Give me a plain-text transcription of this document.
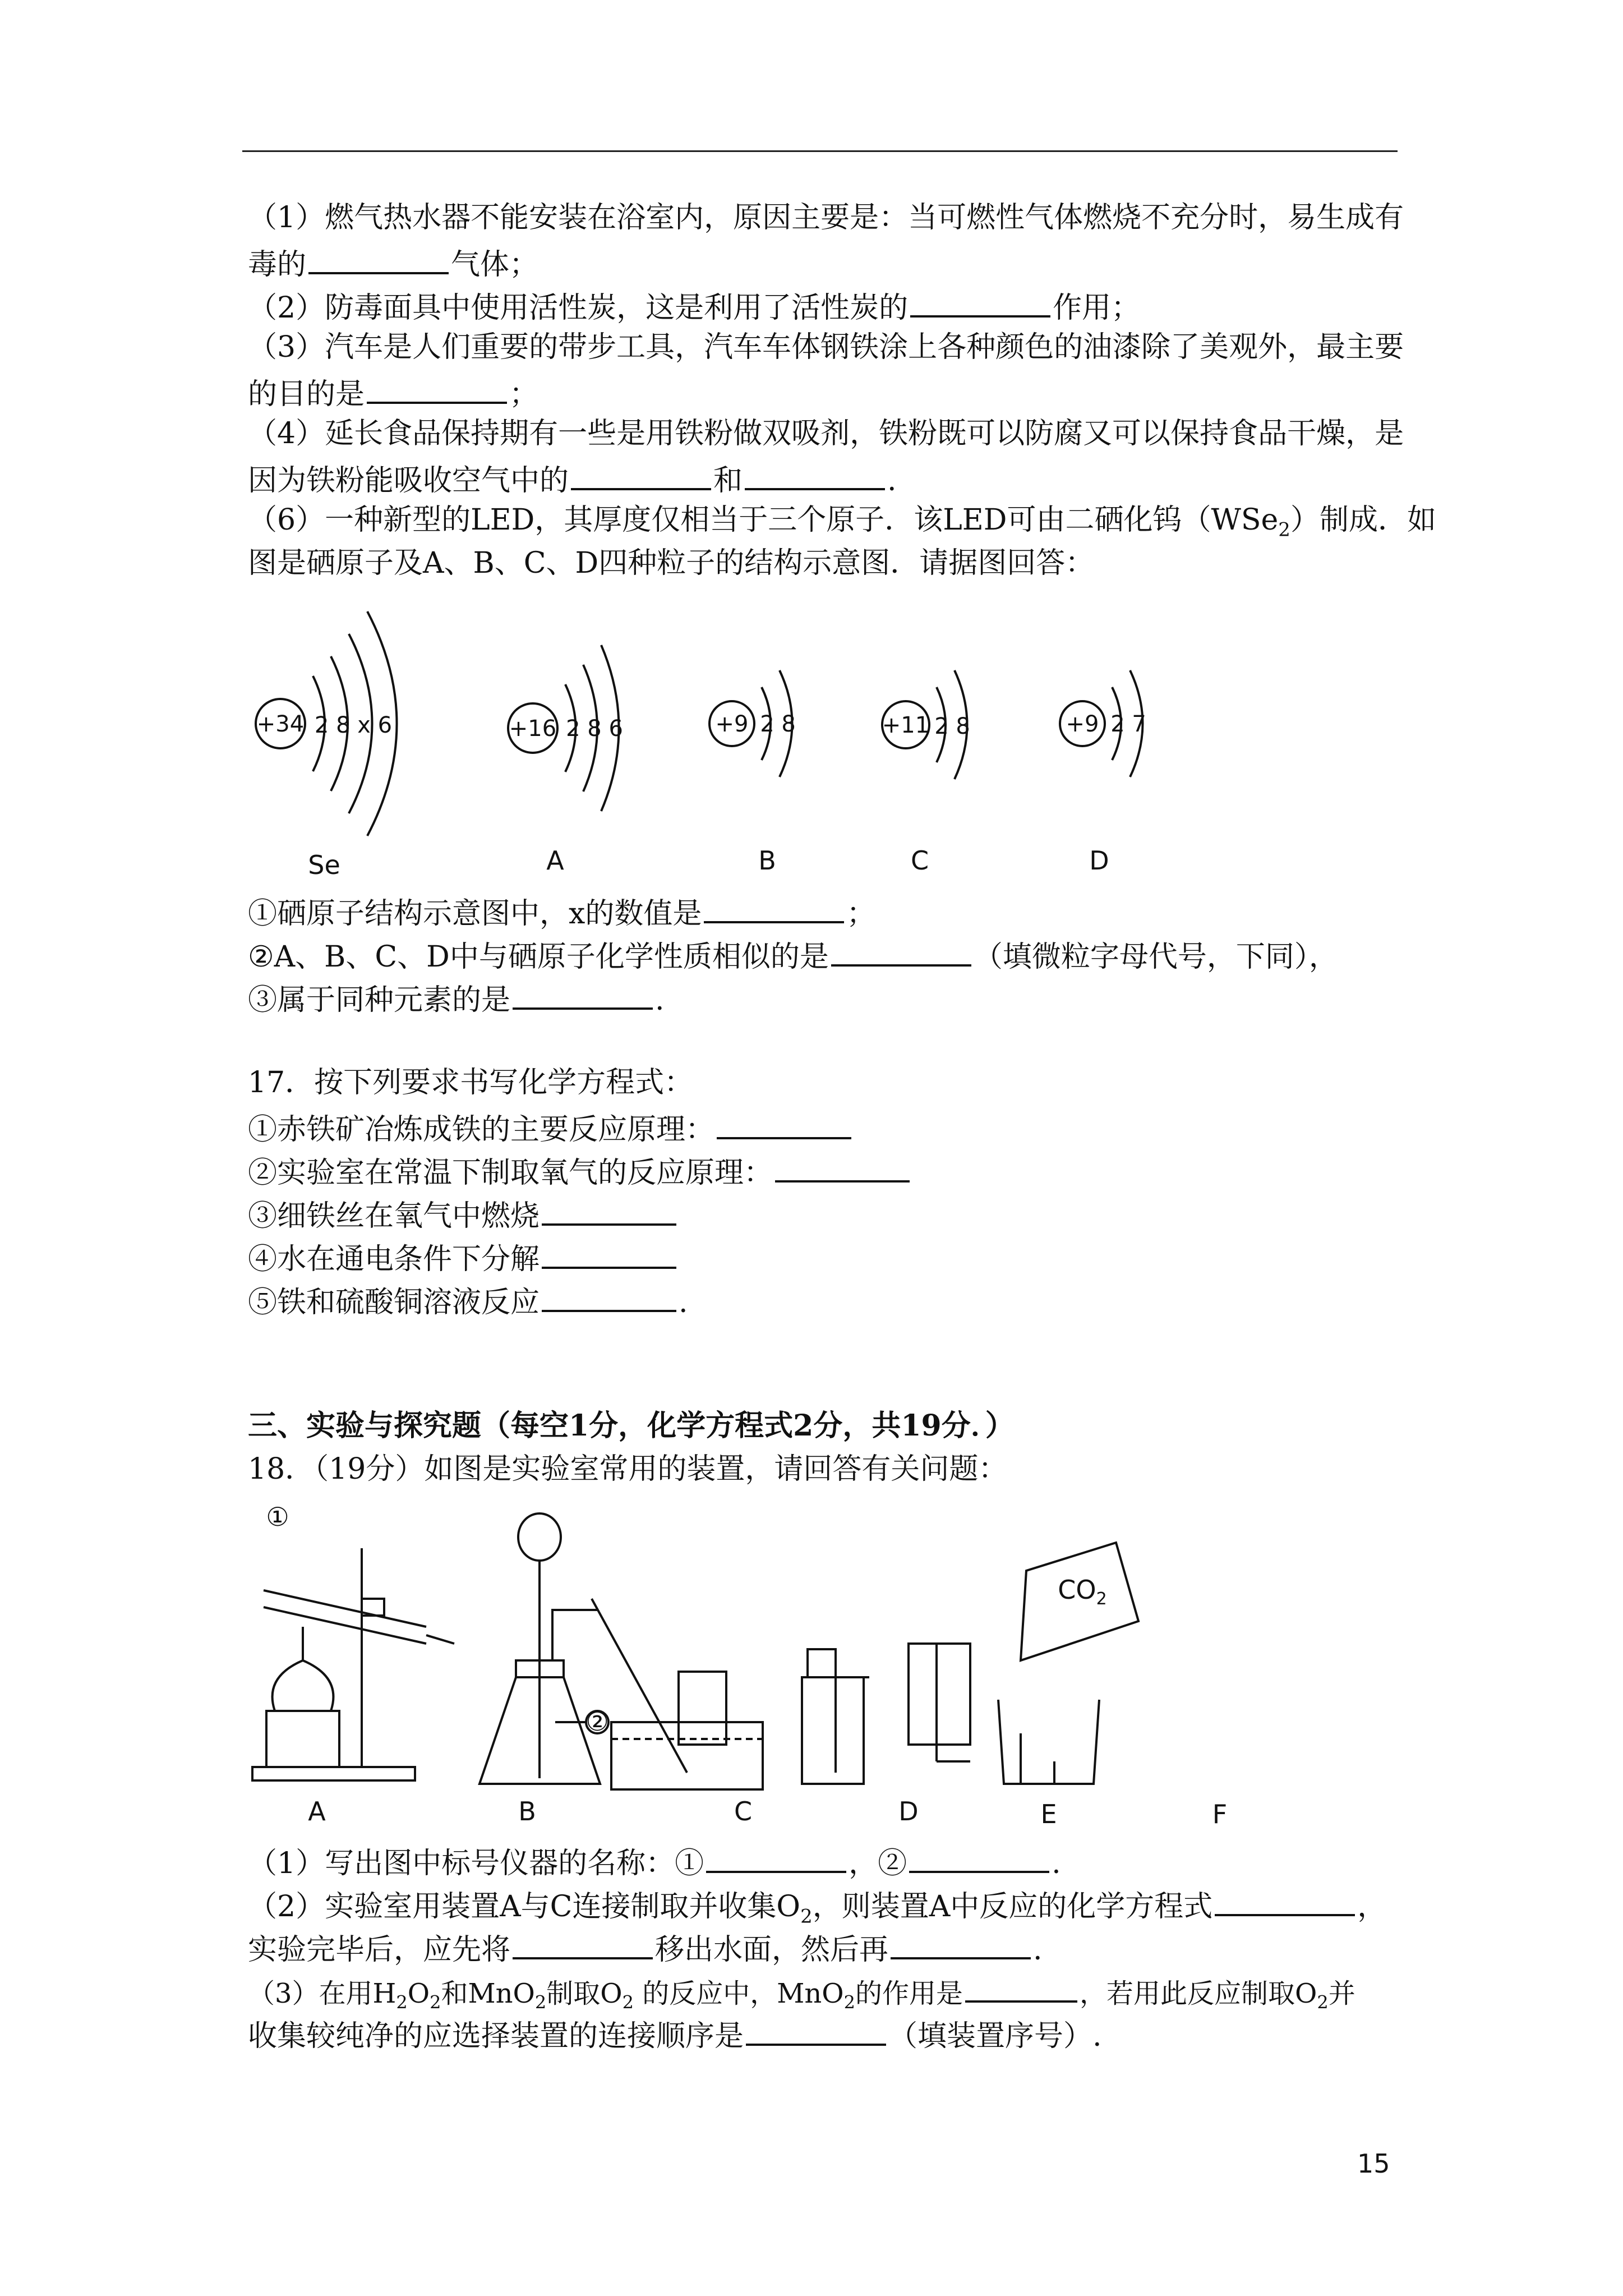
（1）燃气热水器不能安装在浴室内，原因主要是：当可燃性气体燃烧不充分时，易生成有
毒的	气体；
（2）防毒面具中使用活性炭，这是利用了活性炭的	作用；
（3）汽车是人们重要的带步工具，汽车车体钢铁涂上各种颜色的油漆除了美观外，最主要
的目的是	；
（4）延长食品保持期有一些是用铁粉做双吸剂，铁粉既可以防腐又可以保持食品干燥，是
因为铁粉能吸收空气中的	和	.
（6）一种新型的LED，其厚度仅相当于三个原子．该LED可由二硒化钨（WSe$_2$）制成．如
图是硒原子及A、B、C、D四种粒子的结构示意图．请据图回答：
+34 2 8 x 6	+16 2 8 6	+9 2 8	+11 2 8	+9 2 7
Se	A	B	C	D
①硒原子结构示意图中，x的数值是	；
②A、B、C、D中与硒原子化学性质相似的是	（填微粒字母代号，下同），
③属于同种元素的是	.
17．按下列要求书写化学方程式：
①赤铁矿冶炼成铁的主要反应原理：
②实验室在常温下制取氧气的反应原理：
③细铁丝在氧气中燃烧
④水在通电条件下分解
⑤铁和硫酸铜溶液反应	.
三、实验与探究题（每空1分，化学方程式2分，共19分．）
18．（19分）如图是实验室常用的装置，请回答有关问题：
①
②
$CO_2$
A	B	C	D	E	F
（1）写出图中标号仪器的名称：①	，②	.
（2）实验室用装置A与C连接制取并收集$O_2$，则装置A中反应的化学方程式	，
实验完毕后，应先将	移出水面，然后再	.
（3）在用$H_2O_2$和MnO$_2$制取$O_2$ 的反应中，MnO$_2$的作用是	，若用此反应制取$O_2$并
收集较纯净的应选择装置的连接顺序是	（填装置序号）.
15
